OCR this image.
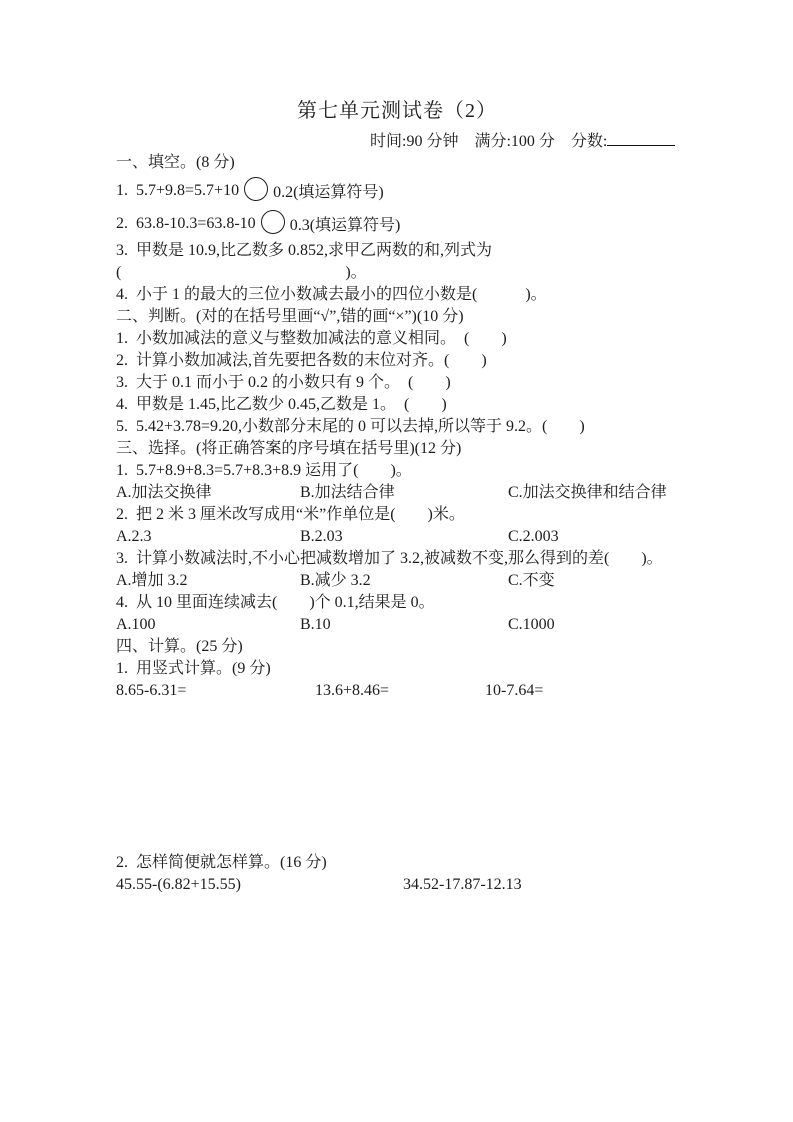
第七单元测试卷（2）
时间:90 分钟　满分:100 分　分数:
一、填空。(8 分)
1.  5.7+9.8=5.7+10 0.2(填运算符号)
2.  63.8-10.3=63.8-10 0.3(填运算符号)
3.  甲数是 10.9,比乙数多 0.852,求甲乙两数的和,列式为(　　　　　　　　　　　　　　)。
4.  小于 1 的最大的三位小数减去最小的四位小数是(　　　)。
二、判断。(对的在括号里画“√”,错的画“×”)(10 分)
1.  小数加减法的意义与整数加减法的意义相同。　(　　)
2.  计算小数加减法,首先要把各数的末位对齐。(　　)
3.  大于 0.1 而小于 0.2 的小数只有 9 个。　(　　)
4.  甲数是 1.45,比乙数少 0.45,乙数是 1。　(　　)
5.  5.42+3.78=9.20,小数部分末尾的 0 可以去掉,所以等于 9.2。(　　)
三、选择。(将正确答案的序号填在括号里)(12 分)
1.  5.7+8.9+8.3=5.7+8.3+8.9 运用了(　　)。
A.加法交换律	B.加法结合律	C.加法交换律和结合律
2.  把 2 米 3 厘米改写成用“米”作单位是(　　)米。
A.2.3	B.2.03	C.2.003
3.  计算小数减法时,不小心把减数增加了 3.2,被减数不变,那么得到的差(　　)。
A.增加 3.2	B.减少 3.2	C.不变
4.  从 10 里面连续减去(　　)个 0.1,结果是 0。
A.100	B.10	C.1000
四、计算。(25 分)
1.  用竖式计算。(9 分)
8.65-6.31=	13.6+8.46=	10-7.64=
2.  怎样简便就怎样算。(16 分)
45.55-(6.82+15.55)	34.52-17.87-12.13
